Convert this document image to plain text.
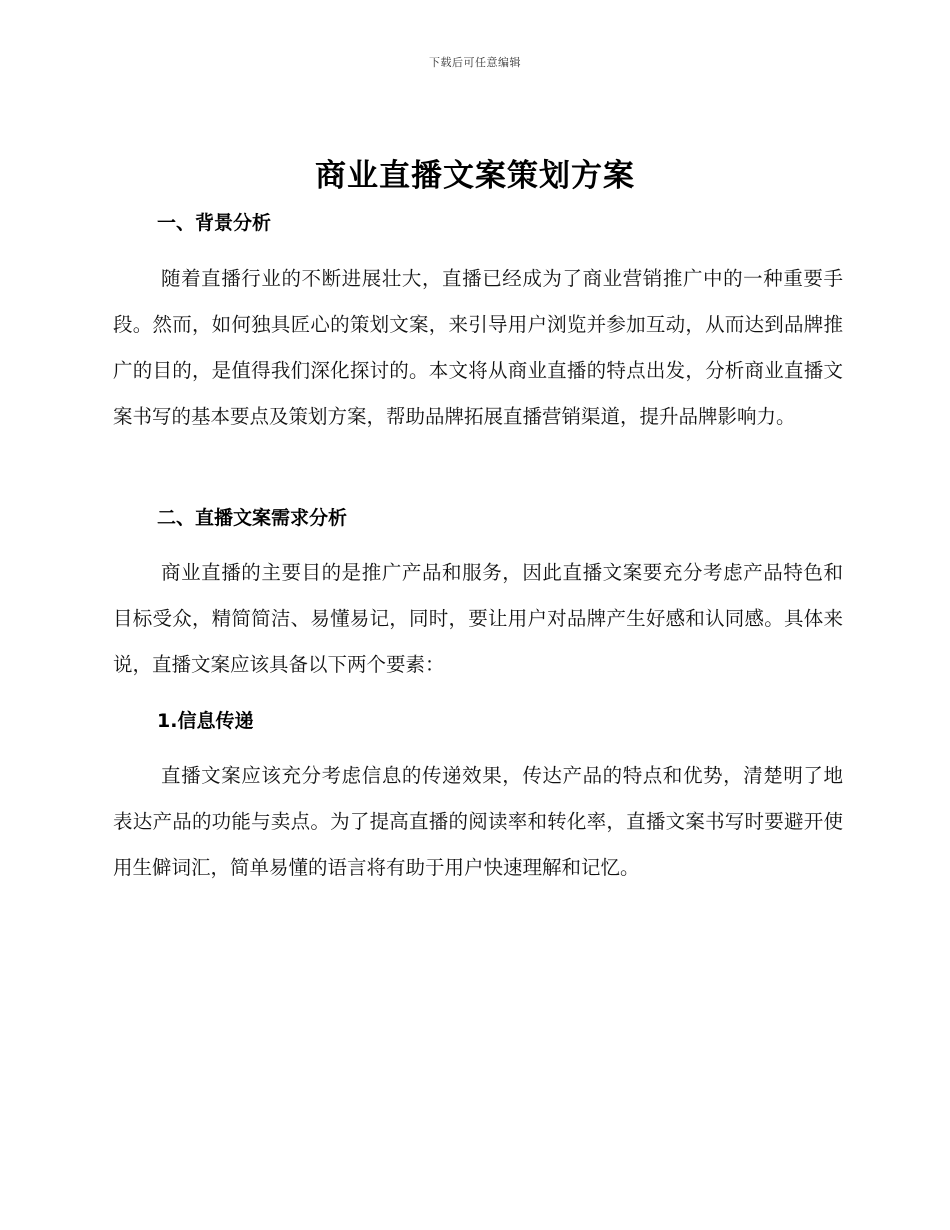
下载后可任意编辑
商业直播文案策划方案
一、背景分析

随着直播行业的不断进展壮大，直播已经成为了商业营销推广中的一种重要手段。然而，如何独具匠心的策划文案，来引导用户浏览并参加互动，从而达到品牌推广的目的，是值得我们深化探讨的。本文将从商业直播的特点出发，分析商业直播文案书写的基本要点及策划方案，帮助品牌拓展直播营销渠道，提升品牌影响力。

二、直播文案需求分析

商业直播的主要目的是推广产品和服务，因此直播文案要充分考虑产品特色和目标受众，精简简洁、易懂易记，同时，要让用户对品牌产生好感和认同感。具体来说，直播文案应该具备以下两个要素：

1.信息传递

直播文案应该充分考虑信息的传递效果，传达产品的特点和优势，清楚明了地表达产品的功能与卖点。为了提高直播的阅读率和转化率，直播文案书写时要避开使用生僻词汇，简单易懂的语言将有助于用户快速理解和记忆。
